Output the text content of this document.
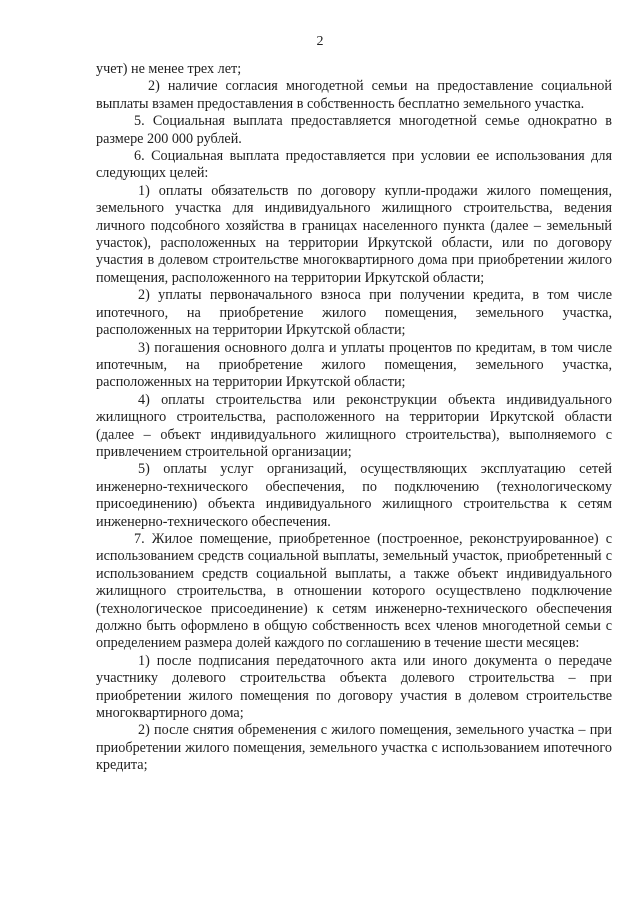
2

учет) не менее трех лет;

2) наличие согласия многодетной семьи на предоставление социальной выплаты взамен предоставления в собственность бесплатно земельного участка.

5. Социальная выплата предоставляется многодетной семье однократно в размере 200 000 рублей.

6. Социальная выплата предоставляется при условии ее использования для следующих целей:

1) оплаты обязательств по договору купли-продажи жилого помещения, земельного участка для индивидуального жилищного строительства, ведения личного подсобного хозяйства в границах населенного пункта (далее – земельный участок), расположенных на территории Иркутской области, или по договору участия в долевом строительстве многоквартирного дома при приобретении жилого помещения, расположенного на территории Иркутской области;

2) уплаты первоначального взноса при получении кредита, в том числе ипотечного, на приобретение жилого помещения, земельного участка, расположенных на территории Иркутской области;

3) погашения основного долга и уплаты процентов по кредитам, в том числе ипотечным, на приобретение жилого помещения, земельного участка, расположенных на территории Иркутской области;

4) оплаты строительства или реконструкции объекта индивидуального жилищного строительства, расположенного на территории Иркутской области (далее – объект индивидуального жилищного строительства), выполняемого с привлечением строительной организации;

5) оплаты услуг организаций, осуществляющих эксплуатацию сетей инженерно-технического обеспечения, по подключению (технологическому присоединению) объекта индивидуального жилищного строительства к сетям инженерно-технического обеспечения.

7. Жилое помещение, приобретенное (построенное, реконструированное) с использованием средств социальной выплаты, земельный участок, приобретенный с использованием средств социальной выплаты, а также объект индивидуального жилищного строительства, в отношении которого осуществлено подключение (технологическое присоединение) к сетям инженерно-технического обеспечения должно быть оформлено в общую собственность всех членов многодетной семьи с определением размера долей каждого по соглашению в течение шести месяцев:

1) после подписания передаточного акта или иного документа о передаче участнику долевого строительства объекта долевого строительства – при приобретении жилого помещения по договору участия в долевом строительстве многоквартирного дома;

2) после снятия обременения с жилого помещения, земельного участка – при приобретении жилого помещения, земельного участка с использованием ипотечного кредита;
